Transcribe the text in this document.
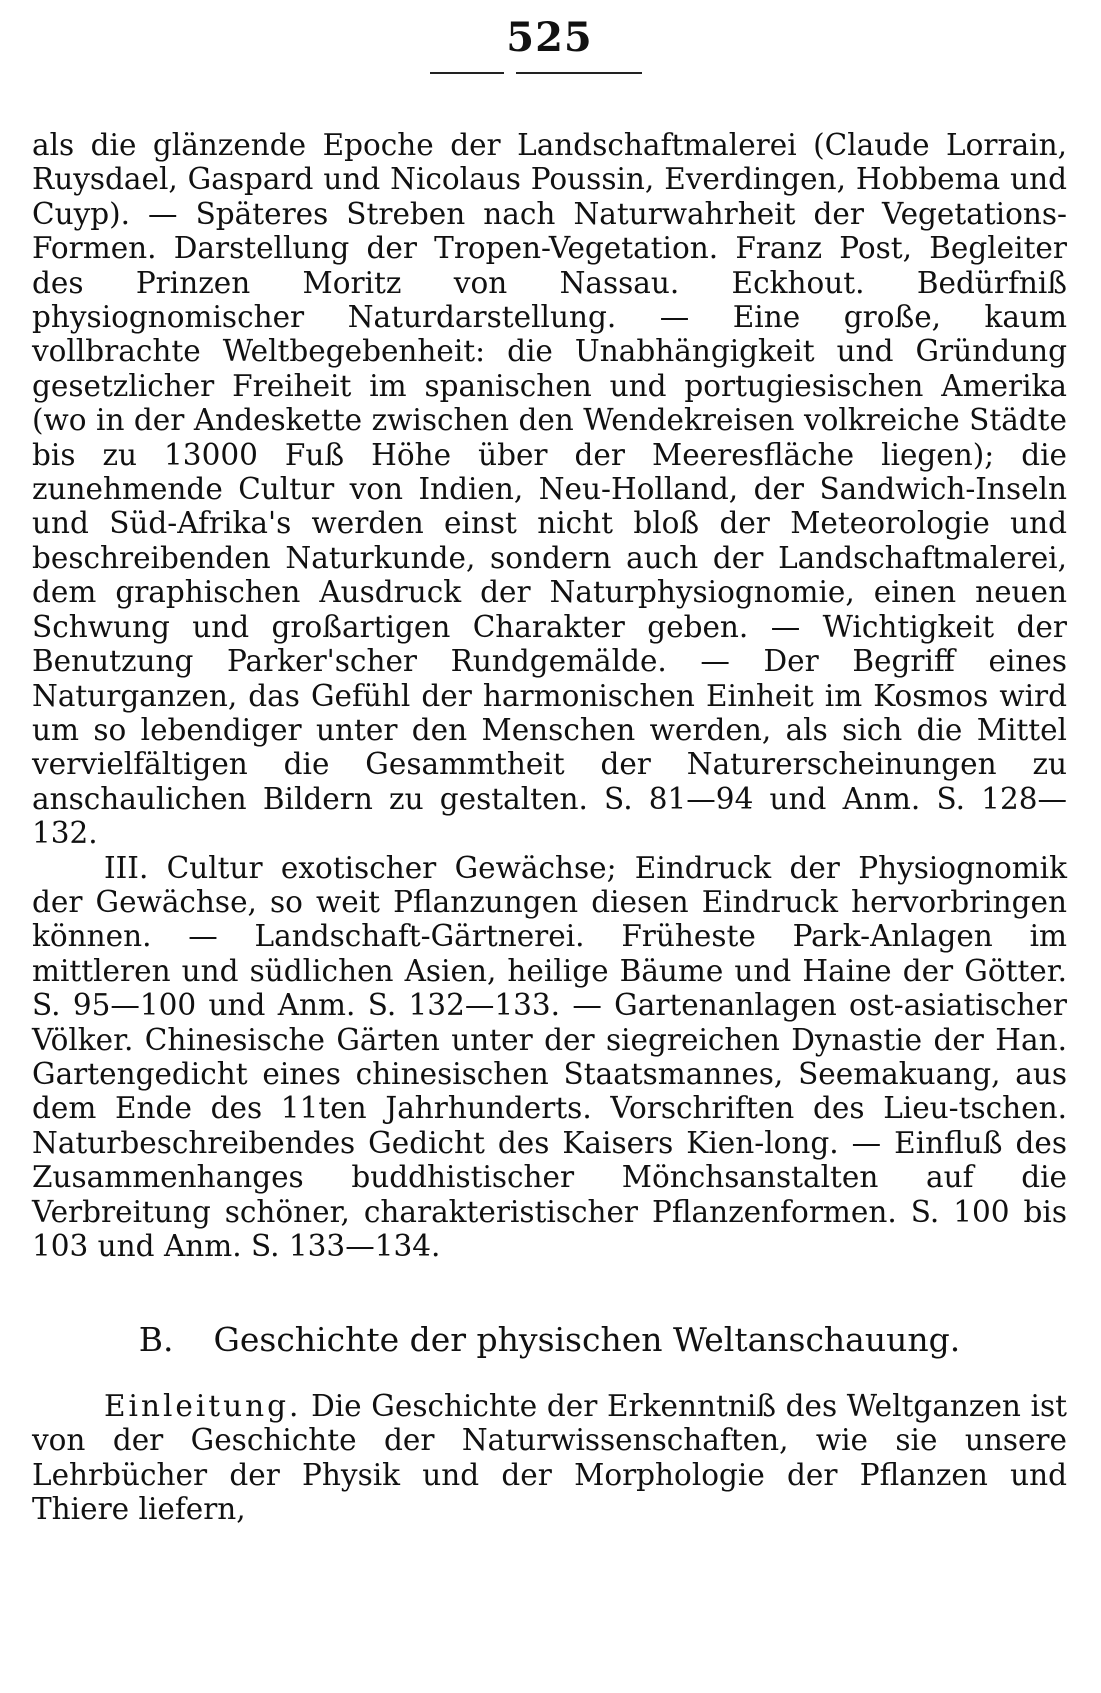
525

als die glänzende Epoche der Landschaftmalerei (Claude Lorrain, Ruysdael, Gaspard und Nicolaus Poussin, Everdingen, Hobbema und Cuyp). — Späteres Streben nach Naturwahrheit der Vegetations-Formen. Darstellung der Tropen-Vegetation. Franz Post, Begleiter des Prinzen Moritz von Nassau. Eckhout. Bedürfniß physiognomischer Naturdarstellung. — Eine große, kaum vollbrachte Weltbegebenheit: die Unabhängigkeit und Gründung gesetzlicher Freiheit im spanischen und portugiesischen Amerika (wo in der Andeskette zwischen den Wendekreisen volkreiche Städte bis zu 13000 Fuß Höhe über der Meeresfläche liegen); die zunehmende Cultur von Indien, Neu-Holland, der Sandwich-Inseln und Süd-Afrika's werden einst nicht bloß der Meteorologie und beschreibenden Naturkunde, sondern auch der Landschaftmalerei, dem graphischen Ausdruck der Naturphysiognomie, einen neuen Schwung und großartigen Charakter geben. — Wichtigkeit der Benutzung Parker'scher Rundgemälde. — Der Begriff eines Naturganzen, das Gefühl der harmonischen Einheit im Kosmos wird um so lebendiger unter den Menschen werden, als sich die Mittel vervielfältigen die Gesammtheit der Naturerscheinungen zu anschaulichen Bildern zu gestalten. S. 81—94 und Anm. S. 128—132.

III. Cultur exotischer Gewächse; Eindruck der Physiognomik der Gewächse, so weit Pflanzungen diesen Eindruck hervorbringen können. — Landschaft-Gärtnerei. Früheste Park-Anlagen im mittleren und südlichen Asien, heilige Bäume und Haine der Götter. S. 95—100 und Anm. S. 132—133. — Gartenanlagen ost-asiatischer Völker. Chinesische Gärten unter der siegreichen Dynastie der Han. Gartengedicht eines chinesischen Staatsmannes, Seemakuang, aus dem Ende des 11ten Jahrhunderts. Vorschriften des Lieu-tschen. Naturbeschreibendes Gedicht des Kaisers Kien-long. — Einfluß des Zusammenhanges buddhistischer Mönchsanstalten auf die Verbreitung schöner, charakteristischer Pflanzenformen. S. 100 bis 103 und Anm. S. 133—134.

B. Geschichte der physischen Weltanschauung.

Einleitung. Die Geschichte der Erkenntniß des Weltganzen ist von der Geschichte der Naturwissenschaften, wie sie unsere Lehrbücher der Physik und der Morphologie der Pflanzen und Thiere liefern,
